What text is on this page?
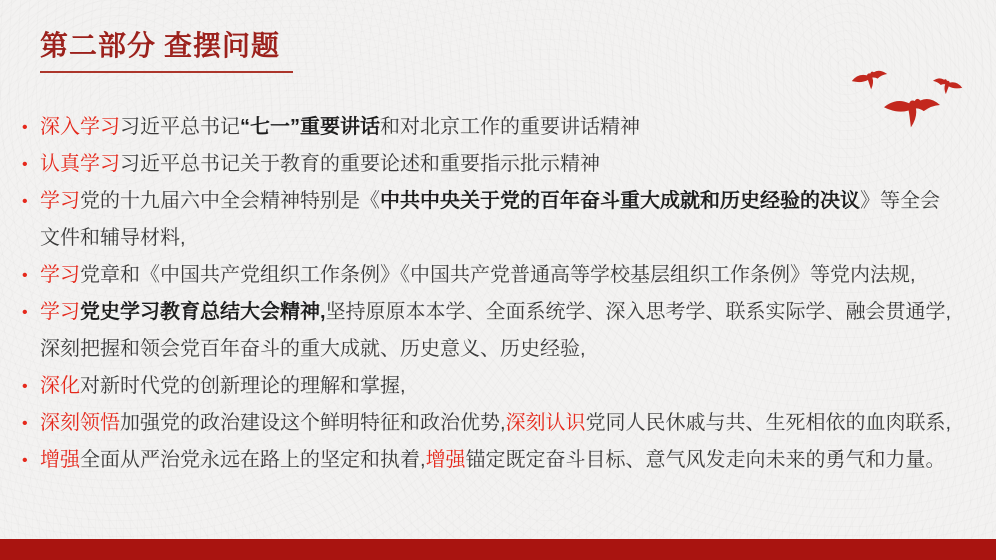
第二部分 查摆问题
• 深入学习习近平总书记“七一”重要讲话和对北京工作的重要讲话精神
• 认真学习习近平总书记关于教育的重要论述和重要指示批示精神
• 学习党的十九届六中全会精神特别是《中共中央关于党的百年奋斗重大成就和历史经验的决议》等全会
文件和辅导材料,
• 学习党章和《中国共产党组织工作条例》《中国共产党普通高等学校基层组织工作条例》等党内法规,
• 学习党史学习教育总结大会精神,坚持原原本本学、全面系统学、深入思考学、联系实际学、融会贯通学,
深刻把握和领会党百年奋斗的重大成就、历史意义、历史经验,
• 深化对新时代党的创新理论的理解和掌握,
• 深刻领悟加强党的政治建设这个鲜明特征和政治优势,深刻认识党同人民休戚与共、生死相依的血肉联系,
• 增强全面从严治党永远在路上的坚定和执着,增强锚定既定奋斗目标、意气风发走向未来的勇气和力量。
